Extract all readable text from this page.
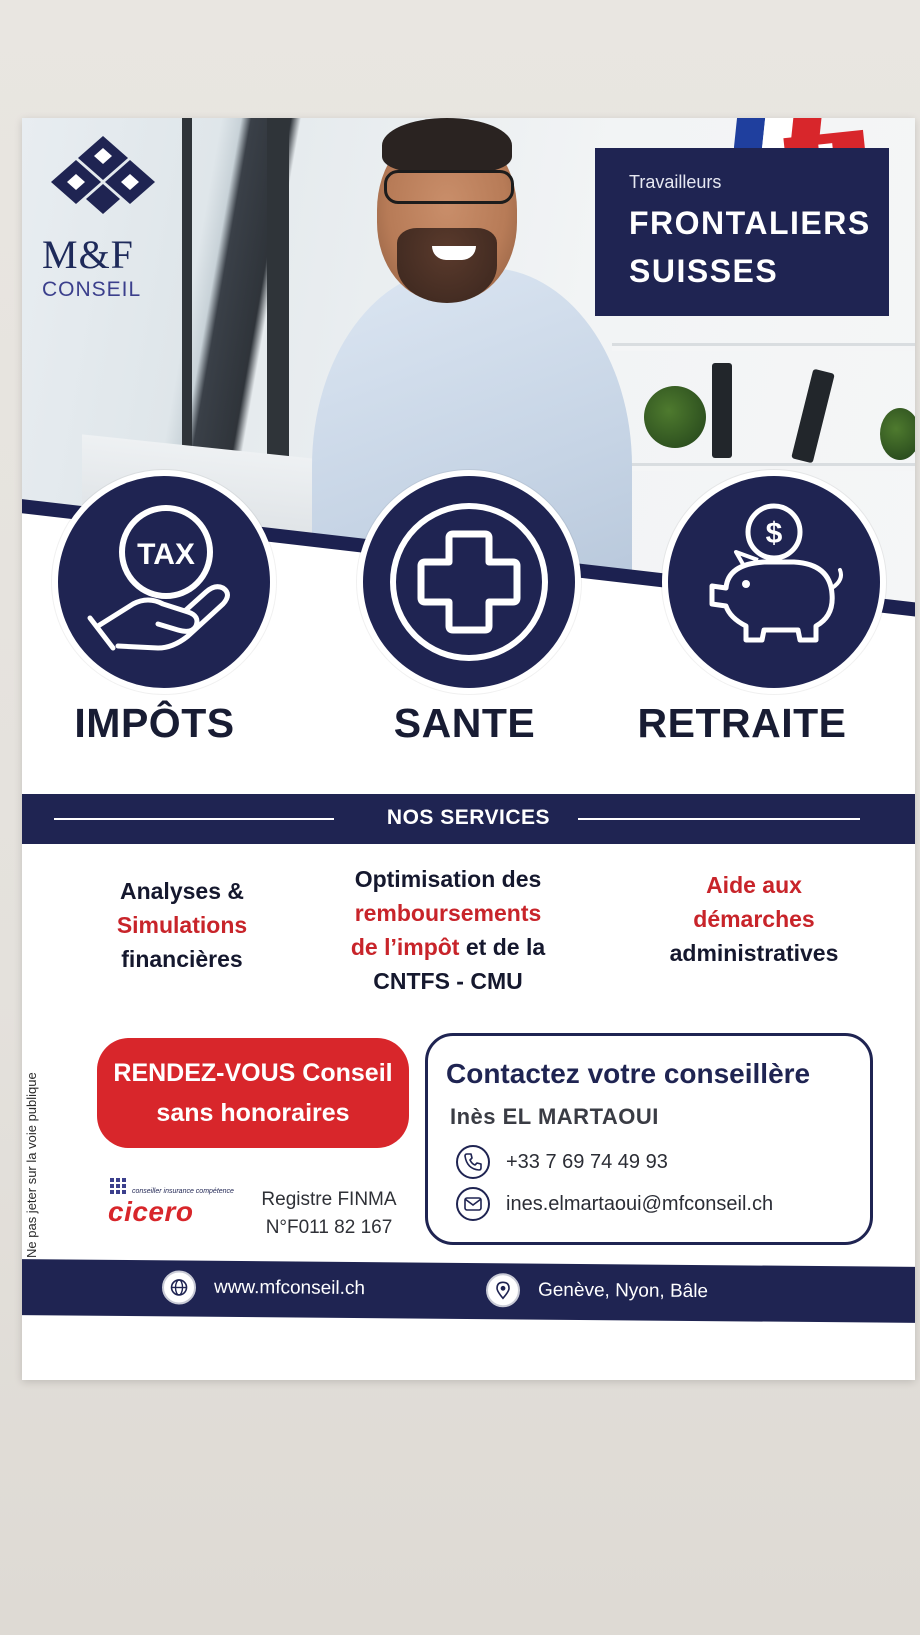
M&F
CONSEIL
Travailleurs
FRONTALIERS
SUISSES
TAX
$
IMPÔTS	SANTE	RETRAITE
NOS SERVICES
Analyses &
Simulations
financières
Optimisation des
remboursements
de l’impôt et de la
CNTFS - CMU
Aide aux
démarches
administratives
Ne pas jeter sur la voie publique	RENDEZ-VOUS Conseil
sans honoraires
conseiller insurance compétence
cicero	Registre FINMA
N°F011 82 167
Contactez votre conseillère
Inès EL MARTAOUI
+33 7 69 74 49 93
ines.elmartaoui@mfconseil.ch
www.mfconseil.ch	Genève, Nyon, Bâle
